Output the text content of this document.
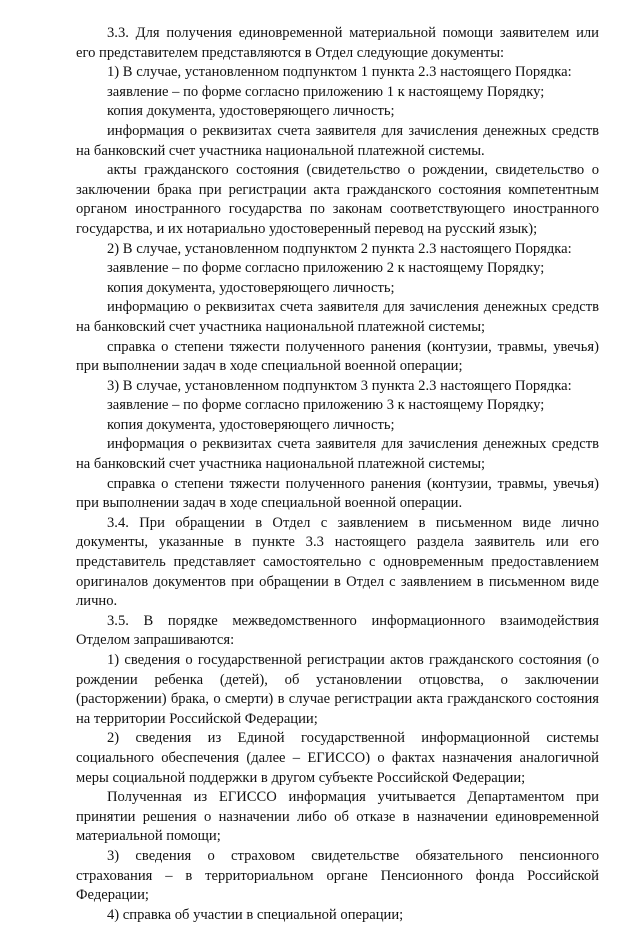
3.3. Для получения единовременной материальной помощи заявителем или его представителем представляются в Отдел следующие документы:

1) В случае, установленном подпунктом 1 пункта 2.3 настоящего Порядка:

заявление – по форме согласно приложению 1 к настоящему Порядку;

копия документа, удостоверяющего личность;

информация о реквизитах счета заявителя для зачисления денежных средств на банковский счет участника национальной платежной системы.

акты гражданского состояния (свидетельство о рождении, свидетельство о заключении брака при регистрации акта гражданского состояния компетентным органом иностранного государства по законам соответствующего иностранного государства, и их нотариально удостоверенный перевод на русский язык);

2) В случае, установленном подпунктом 2 пункта 2.3 настоящего Порядка:

заявление – по форме согласно приложению 2 к настоящему Порядку;

копия документа, удостоверяющего личность;

информацию о реквизитах счета заявителя для зачисления денежных средств на банковский счет участника национальной платежной системы;

справка о степени тяжести полученного ранения (контузии, травмы, увечья) при выполнении задач в ходе специальной военной операции;

3) В случае, установленном подпунктом 3 пункта 2.3 настоящего Порядка:

заявление – по форме согласно приложению 3 к настоящему Порядку;

копия документа, удостоверяющего личность;

информация о реквизитах счета заявителя для зачисления денежных средств на банковский счет участника национальной платежной системы;

справка о степени тяжести полученного ранения (контузии, травмы, увечья) при выполнении задач в ходе специальной военной операции.

3.4. При обращении в Отдел с заявлением в письменном виде лично документы, указанные в пункте 3.3 настоящего раздела заявитель или его представитель представляет самостоятельно с одновременным предоставлением оригиналов документов при обращении в Отдел с заявлением в письменном виде лично.

3.5. В порядке межведомственного информационного взаимодействия Отделом запрашиваются:

1) сведения о государственной регистрации актов гражданского состояния (о рождении ребенка (детей), об установлении отцовства, о заключении (расторжении) брака, о смерти) в случае регистрации акта гражданского состояния на территории Российской Федерации;

2) сведения из Единой государственной информационной системы социального обеспечения (далее – ЕГИССО) о фактах назначения аналогичной меры социальной поддержки в другом субъекте Российской Федерации;

Полученная из ЕГИССО информация учитывается Департаментом при принятии решения о назначении либо об отказе в назначении единовременной материальной помощи;

3) сведения о страховом свидетельстве обязательного пенсионного страхования – в территориальном органе Пенсионного фонда Российской Федерации;

4) справка об участии в специальной операции;
